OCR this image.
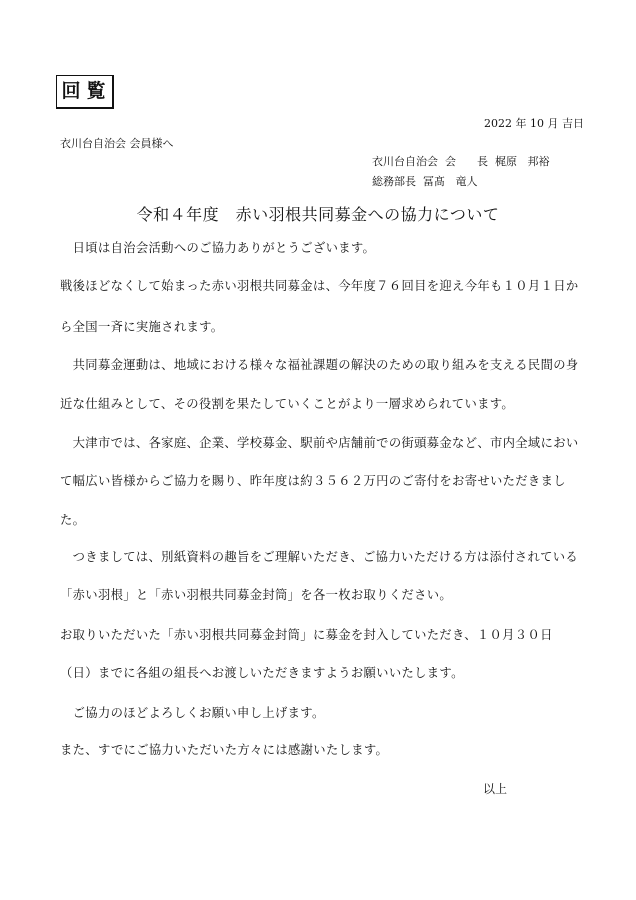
回覧
2022 年 10 月 吉日
衣川台自治会 会員様へ
衣川台自治会  会      長  梶原   邦裕
総務部長  冨髙   竜人
令和４年度　赤い羽根共同募金への協力について
　日頃は自治会活動へのご協力ありがとうございます。
戦後ほどなくして始まった赤い羽根共同募金は、今年度７６回目を迎え今年も１０月１日か
ら全国一斉に実施されます。
　共同募金運動は、地域における様々な福祉課題の解決のための取り組みを支える民間の身
近な仕組みとして、その役割を果たしていくことがより一層求められています。
　大津市では、各家庭、企業、学校募金、駅前や店舗前での街頭募金など、市内全域におい
て幅広い皆様からご協力を賜り、昨年度は約３５６２万円のご寄付をお寄せいただきまし
た。
　つきましては、別紙資料の趣旨をご理解いただき、ご協力いただける方は添付されている
「赤い羽根」と「赤い羽根共同募金封筒」を各一枚お取りください。
お取りいただいた「赤い羽根共同募金封筒」に募金を封入していただき、１０月３０日
（日）までに各組の組長へお渡しいただきますようお願いいたします。
　ご協力のほどよろしくお願い申し上げます。
また、すでにご協力いただいた方々には感謝いたします。
以上
